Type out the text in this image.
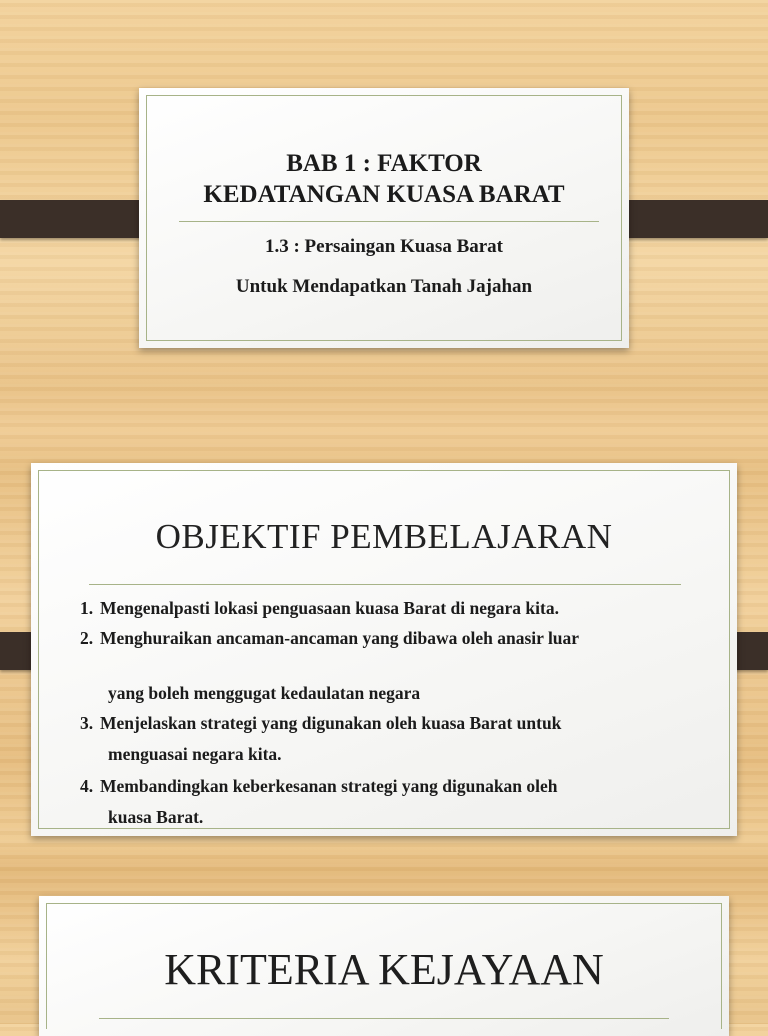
BAB 1 : FAKTOR
KEDATANGAN KUASA BARAT
1.3 : Persaingan Kuasa Barat
Untuk Mendapatkan Tanah Jajahan
OBJEKTIF PEMBELAJARAN
1. Mengenalpasti lokasi penguasaan kuasa Barat di negara kita.
2. Menghuraikan ancaman-ancaman yang dibawa oleh anasir luar
yang boleh menggugat kedaulatan negara
3. Menjelaskan strategi yang digunakan oleh kuasa Barat untuk
menguasai negara kita.
4. Membandingkan keberkesanan strategi yang digunakan oleh
kuasa Barat.
KRITERIA KEJAYAAN
